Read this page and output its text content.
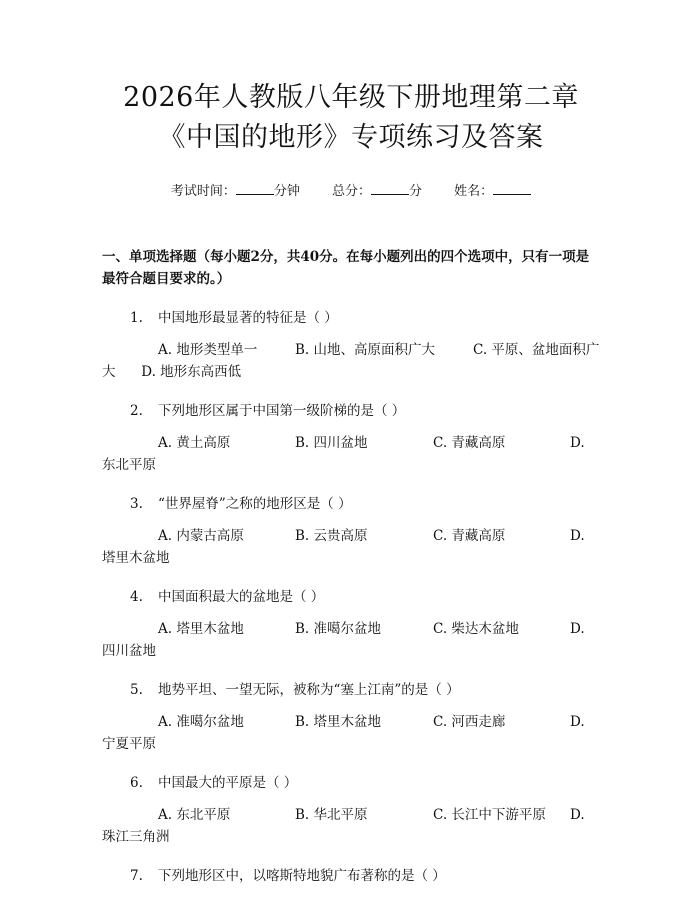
2026年人教版八年级下册地理第二章《中国的地形》专项练习及答案
考试时间：	分钟 总分：	分 姓名：
一、单项选择题（每小题2分，共40分。在每小题列出的四个选项中，只有一项是最符合题目要求的。）
1. 中国地形最显著的特征是（ ）
A. 地形类型单一	B. 山地、高原面积广大	C. 平原、盆地面积广大 D. 地形东高西低
2. 下列地形区属于中国第一级阶梯的是（ ）
A. 黄土高原	B. 四川盆地	C. 青藏高原	D. 东北平原
3. “世界屋脊”之称的地形区是（ ）
A. 内蒙古高原	B. 云贵高原	C. 青藏高原	D. 塔里木盆地
4. 中国面积最大的盆地是（ ）
A. 塔里木盆地	B. 准噶尔盆地	C. 柴达木盆地	D. 四川盆地
5. 地势平坦、一望无际，被称为“塞上江南”的是（ ）
A. 准噶尔盆地	B. 塔里木盆地	C. 河西走廊	D. 宁夏平原
6. 中国最大的平原是（ ）
A. 东北平原	B. 华北平原	C. 长江中下游平原 D. 珠江三角洲
7. 下列地形区中，以喀斯特地貌广布著称的是（ ）
